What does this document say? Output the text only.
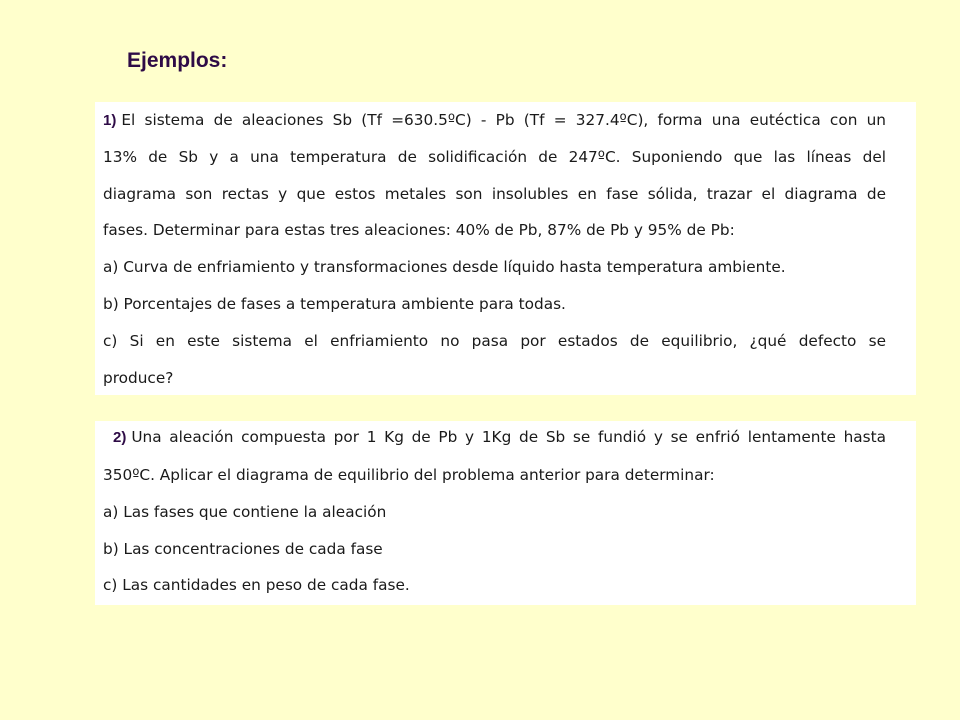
Ejemplos:
1) El sistema de aleaciones Sb (Tf =630.5ºC) - Pb (Tf = 327.4ºC), forma una eutéctica con un
13% de Sb y a una temperatura de solidificación de 247ºC. Suponiendo que las líneas del
diagrama son rectas y que estos metales son insolubles en fase sólida, trazar el diagrama de
fases. Determinar para estas tres aleaciones: 40% de Pb, 87% de Pb y 95% de Pb:
a) Curva de enfriamiento y transformaciones desde líquido hasta temperatura ambiente.
b) Porcentajes de fases a temperatura ambiente para todas.
c) Si en este sistema el enfriamiento no pasa por estados de equilibrio, ¿qué defecto se
produce?
2) Una aleación compuesta por 1 Kg de Pb y 1Kg de Sb se fundió y se enfrió lentamente hasta
350ºC. Aplicar el diagrama de equilibrio del problema anterior para determinar:
a) Las fases que contiene la aleación
b) Las concentraciones de cada fase
c) Las cantidades en peso de cada fase.
